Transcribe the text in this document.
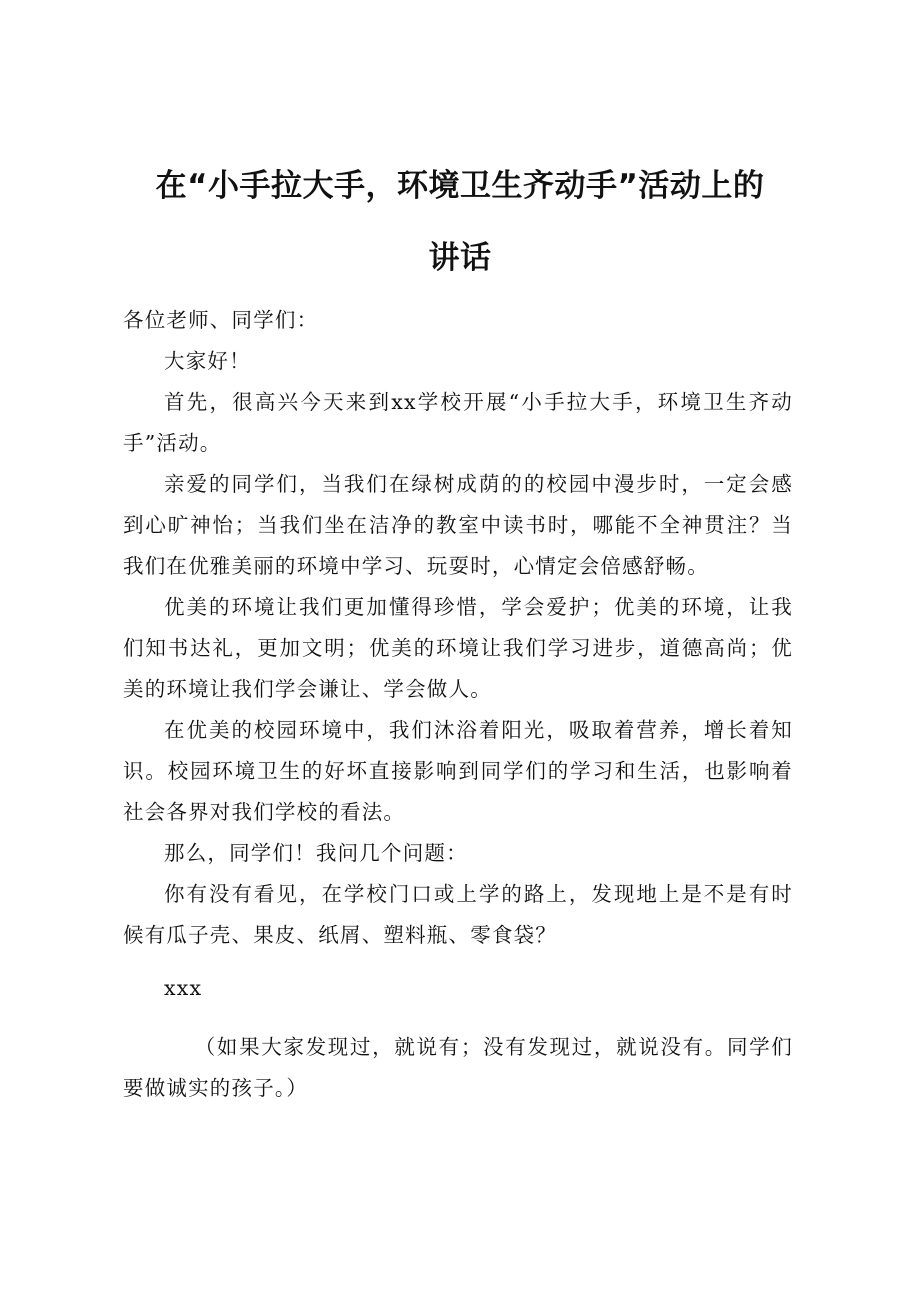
在“小手拉大手，环境卫生齐动手”活动上的
讲话

各位老师、同学们：

大家好！

首先，很高兴今天来到xx学校开展“小手拉大手，环境卫生齐动手”活动。

亲爱的同学们，当我们在绿树成荫的的校园中漫步时，一定会感到心旷神怡；当我们坐在洁净的教室中读书时，哪能不全神贯注？当我们在优雅美丽的环境中学习、玩耍时，心情定会倍感舒畅。

优美的环境让我们更加懂得珍惜，学会爱护；优美的环境，让我们知书达礼，更加文明；优美的环境让我们学习进步，道德高尚；优美的环境让我们学会谦让、学会做人。

在优美的校园环境中，我们沐浴着阳光，吸取着营养，增长着知识。校园环境卫生的好坏直接影响到同学们的学习和生活，也影响着社会各界对我们学校的看法。

那么，同学们！我问几个问题：

你有没有看见，在学校门口或上学的路上，发现地上是不是有时候有瓜子壳、果皮、纸屑、塑料瓶、零食袋？

xxx

（如果大家发现过，就说有；没有发现过，就说没有。同学们要做诚实的孩子。）
